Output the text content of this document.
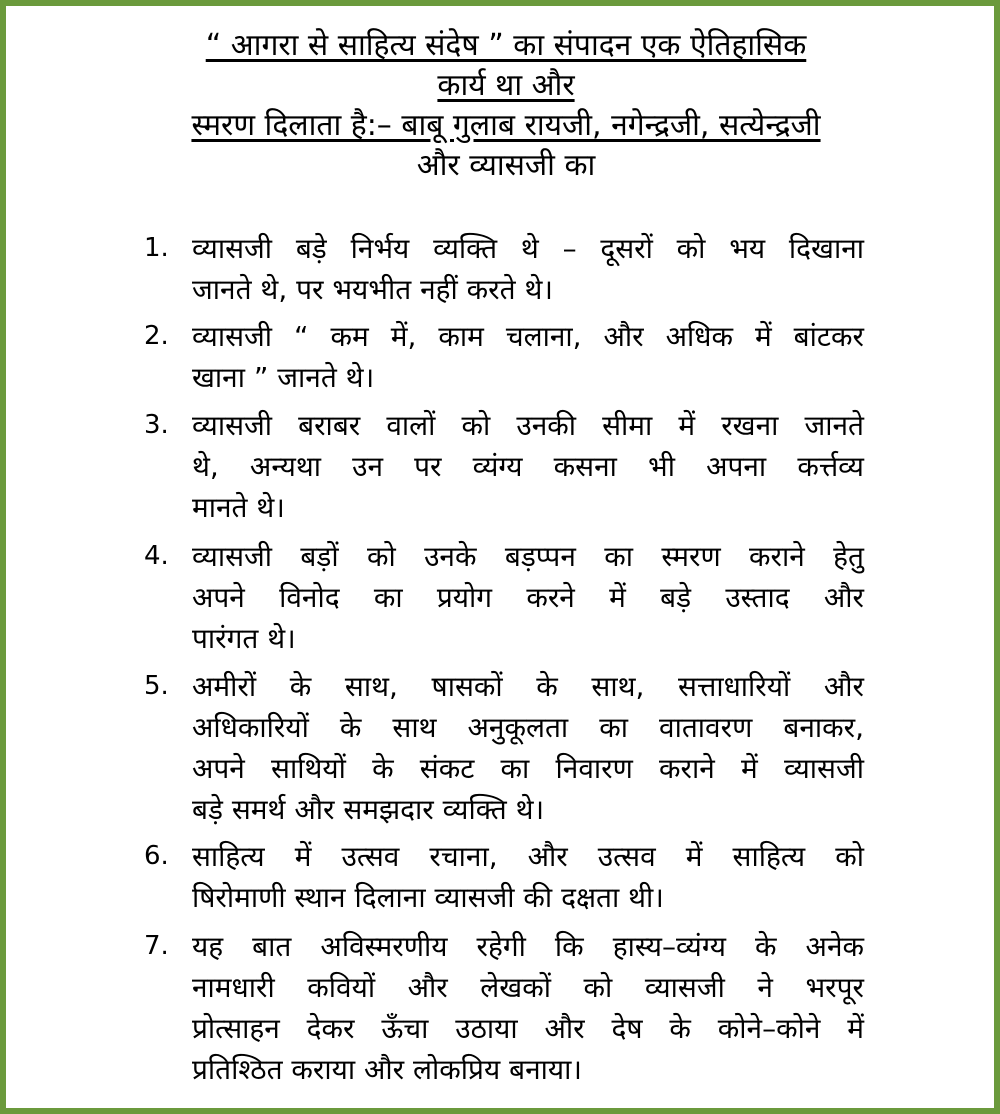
“ आगरा से साहित्य संदेष ” का संपादन एक ऐतिहासिक
कार्य था और
स्मरण दिलाता है:– बाबू गुलाब रायजी, नगेन्द्रजी, सत्येन्द्रजी
और व्यासजी का
1. व्यासजी बड़े निर्भय व्यक्ति थे – दूसरों को भय दिखाना
जानते थे, पर भयभीत नहीं करते थे।
2. व्यासजी “ कम में, काम चलाना, और अधिक में बांटकर
खाना ” जानते थे।
3. व्यासजी बराबर वालों को उनकी सीमा में रखना जानते
थे, अन्यथा उन पर व्यंग्य कसना भी अपना कर्त्तव्य
मानते थे।
4. व्यासजी बड़ों को उनके बड़प्पन का स्मरण कराने हेतु
अपने विनोद का प्रयोग करने में बड़े उस्ताद और
पारंगत थे।
5. अमीरों के साथ, षासकों के साथ, सत्ताधारियों और
अधिकारियों के साथ अनुकूलता का वातावरण बनाकर,
अपने साथियों के संकट का निवारण कराने में व्यासजी
बड़े समर्थ और समझदार व्यक्ति थे।
6. साहित्य में उत्सव रचाना, और उत्सव में साहित्य को
षिरोमाणी स्थान दिलाना व्यासजी की दक्षता थी।
7. यह बात अविस्मरणीय रहेगी कि हास्य–व्यंग्य के अनेक
नामधारी कवियों और लेखकों को व्यासजी ने भरपूर
प्रोत्साहन देकर ऊँचा उठाया और देष के कोने–कोने में
प्रतिश्ठित कराया और लोकप्रिय बनाया।
